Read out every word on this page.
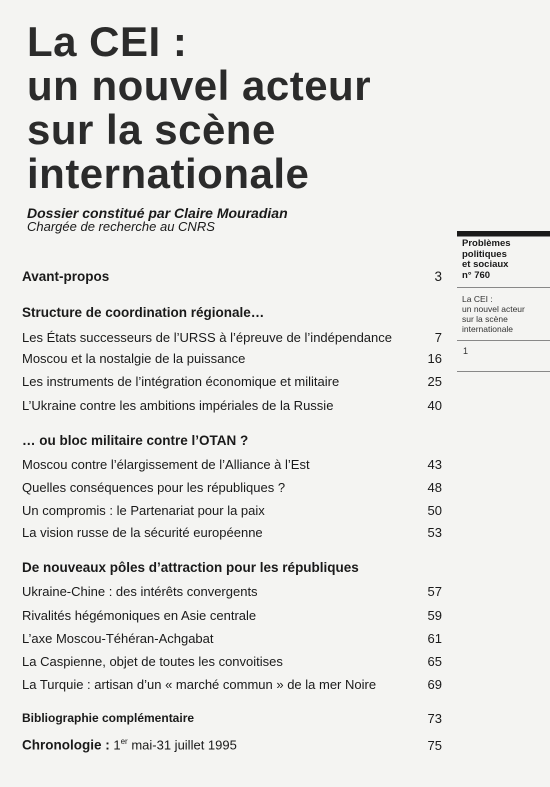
La CEI :
un nouvel acteur
sur la scène
internationale
Dossier constitué par Claire Mouradian
Chargée de recherche au CNRS
Problèmes
politiques
et sociaux
n° 760
La CEI :
un nouvel acteur
sur la scène
internationale
1
Avant-propos	3
Structure de coordination régionale…
Les États successeurs de l’URSS à l’épreuve de l’indépendance	7
Moscou et la nostalgie de la puissance	16
Les instruments de l’intégration économique et militaire	25
L’Ukraine contre les ambitions impériales de la Russie	40
… ou bloc militaire contre l’OTAN ?
Moscou contre l’élargissement de l’Alliance à l’Est	43
Quelles conséquences pour les républiques ?	48
Un compromis : le Partenariat pour la paix	50
La vision russe de la sécurité européenne	53
De nouveaux pôles d’attraction pour les républiques
Ukraine-Chine : des intérêts convergents	57
Rivalités hégémoniques en Asie centrale	59
L’axe Moscou-Téhéran-Achgabat	61
La Caspienne, objet de toutes les convoitises	65
La Turquie : artisan d’un « marché commun » de la mer Noire	69
Bibliographie complémentaire	73
Chronologie : 1er mai-31 juillet 1995	75
